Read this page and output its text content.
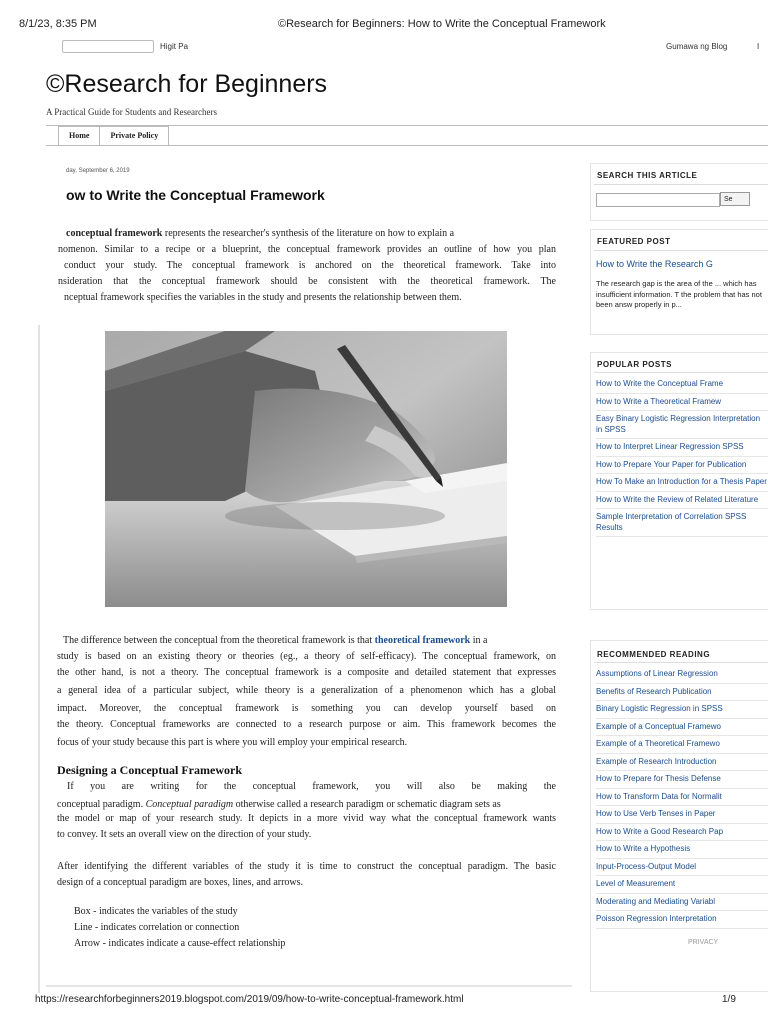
8/1/23, 8:35 PM	©Research for Beginners: How to Write the Conceptual Framework
Higit Pa	Gumawa ng Blog	I
©Research for Beginners
A Practical Guide for Students and Researchers
Home	Private Policy
day, September 6, 2019
ow to Write the Conceptual Framework
conceptual framework represents the researcher's synthesis of the literature on how to explain a
nomenon. Similar to a recipe or a blueprint, the conceptual framework provides an outline of how you plan
conduct your study. The conceptual framework is anchored on the theoretical framework. Take into
nsideration that the conceptual framework should be consistent with the theoretical framework. The
nceptual framework specifies the variables in the study and presents the relationship between them.
The difference between the conceptual from the theoretical framework is that theoretical framework in a
study is based on an existing theory or theories (eg., a theory of self-efficacy). The conceptual framework, on
the other hand, is not a theory. The conceptual framework is a composite and detailed statement that expresses
a general idea of a particular subject, while theory is a generalization of a phenomenon which has a global
impact. Moreover, the conceptual framework is something you can develop yourself based on
the theory. Conceptual frameworks are connected to a research purpose or aim. This framework becomes the
focus of your study because this part is where you will employ your empirical research.
Designing a Conceptual Framework
If you are writing for the conceptual framework, you will also be making the
conceptual paradigm. Conceptual paradigm otherwise called a research paradigm or schematic diagram sets as
the model or map of your research study. It depicts in a more vivid way what the conceptual framework wants
to convey. It sets an overall view on the direction of your study.
After identifying the different variables of the study it is time to construct the conceptual paradigm. The basic
design of a conceptual paradigm are boxes, lines, and arrows.
Box - indicates the variables of the study
Line - indicates correlation or connection
Arrow - indicates indicate a cause-effect relationship
SEARCH THIS ARTICLE
Se
FEATURED POST
How to Write the Research G
The research gap is the area of the ... which has insufficient information. T the problem that has not been answ properly in p...
POPULAR POSTS
How to Write the Conceptual Frame
How to Write a Theoretical Framew
Easy Binary Logistic Regression Interpretation in SPSS
How to Interpret Linear Regression SPSS
How to Prepare Your Paper for Publication
How To Make an Introduction for a Thesis Paper
How to Write the Review of Related Literature
Sample Interpretation of Correlation SPSS Results
RECOMMENDED READING
Assumptions of Linear Regression
Benefits of Research Publication
Binary Logistic Regression in SPSS
Example of a Conceptual Framewo
Example of a Theoretical Framewo
Example of Research Introduction
How to Prepare for Thesis Defense
How to Transform Data for Normalit
How to Use Verb Tenses in Paper
How to Write a Good Research Pap
How to Write a Hypothesis
Input-Process-Output Model
Level of Measurement
Moderating and Mediating Variabl
Poisson Regression Interpretation
PRIVACY
https://researchforbeginners2019.blogspot.com/2019/09/how-to-write-conceptual-framework.html	1/9
